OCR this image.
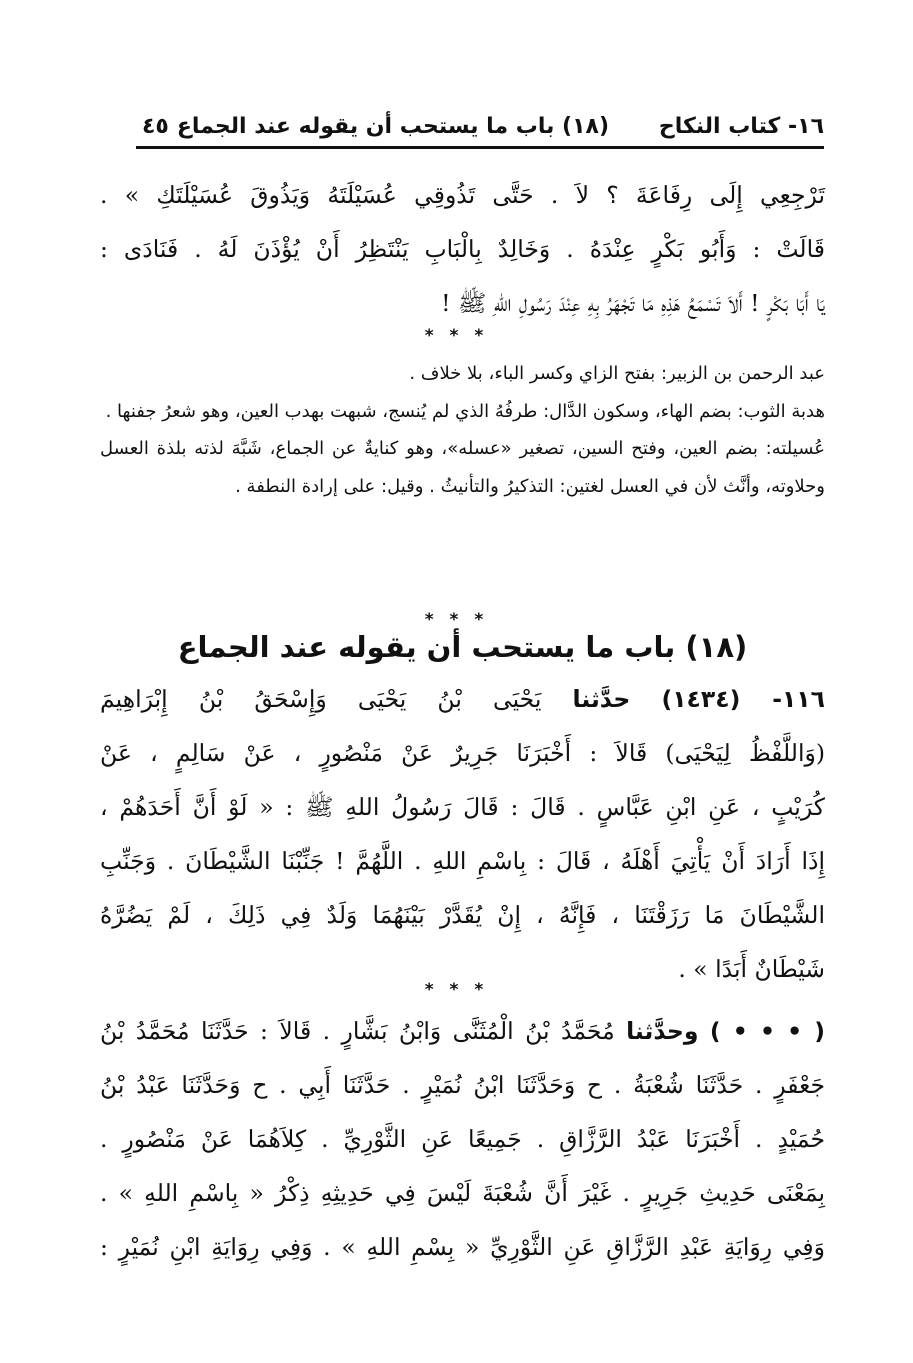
١٦- كتاب النكاح
(١٨) باب ما يستحب أن يقوله عند الجماع
٤٥

تَرْجِعِي إِلَى رِفَاعَةَ ؟ لاَ . حَتَّى تَذُوقِي عُسَيْلَتَهُ وَيَذُوقَ عُسَيْلَتَكِ » .

قَالَتْ : وَأَبُو بَكْرٍ عِنْدَهُ . وَخَالِدٌ بِالْبَابِ يَنْتَظِرُ أَنْ يُؤْذَنَ لَهُ . فَنَادَى :

يَا أَبَا بَكْرٍ ! أَلاَ تَسْمَعُ هَذِهِ مَا تَجْهَرُ بِهِ عِنْدَ رَسُولِ اللهِ ﷺ !

* * *

عبد الرحمن بن الزبير: بفتح الزاي وكسر الباء، بلا خلاف .

هدبة الثوب: بضم الهاء، وسكون الدَّال: طرفُهُ الذي لم يُنسج، شبهت بهدب العين، وهو شعرُ جفنها .

عُسيلته: بضم العين، وفتح السين، تصغير «عسله»، وهو كنايةٌ عن الجماع، شَبَّهَ لذته بلذة العسل وحلاوته، وأنَّث لأن في العسل لغتين: التذكيرُ والتأنيثُ . وقيل: على إرادة النطفة .

* * *
(١٨) باب ما يستحب أن يقوله عند الجماع

١١٦- (١٤٣٤) حدَّثنا يَحْيَى بْنُ يَحْيَى وَإِسْحَقُ بْنُ إِبْرَاهِيمَ

(وَاللَّفْظُ لِيَحْيَى) قَالاَ : أَخْبَرَنَا جَرِيرٌ عَنْ مَنْصُورٍ ، عَنْ سَالِمٍ ، عَنْ

كُرَيْبٍ ، عَنِ ابْنِ عَبَّاسٍ . قَالَ : قَالَ رَسُولُ اللهِ ﷺ : « لَوْ أَنَّ أَحَدَهُمْ ،

إِذَا أَرَادَ أَنْ يَأْتِيَ أَهْلَهُ ، قَالَ : بِاسْمِ اللهِ . اللَّهُمَّ ! جَنِّبْنَا الشَّيْطَانَ . وَجَنِّبِ

الشَّيْطَانَ مَا رَزَقْتَنَا ، فَإِنَّهُ ، إِنْ يُقَدَّرْ بَيْنَهُمَا وَلَدٌ فِي ذَلِكَ ، لَمْ يَضُرَّهُ

شَيْطَانٌ أَبَدًا » .

* * *

( • • • ) وحدَّثنا مُحَمَّدُ بْنُ الْمُثَنَّى وَابْنُ بَشَّارٍ . قَالاَ : حَدَّثَنَا مُحَمَّدُ بْنُ

جَعْفَرٍ . حَدَّثَنَا شُعْبَةُ . ح وَحَدَّثَنَا ابْنُ نُمَيْرٍ . حَدَّثَنَا أَبِي . ح وَحَدَّثَنَا عَبْدُ بْنُ

حُمَيْدٍ . أَخْبَرَنَا عَبْدُ الرَّزَّاقِ . جَمِيعًا عَنِ الثَّوْرِيِّ . كِلاَهُمَا عَنْ مَنْصُورٍ .

بِمَعْنَى حَدِيثِ جَرِيرٍ . غَيْرَ أَنَّ شُعْبَةَ لَيْسَ فِي حَدِيثِهِ ذِكْرُ « بِاسْمِ اللهِ » .

وَفِي رِوَايَةِ عَبْدِ الرَّزَّاقِ عَنِ الثَّوْرِيِّ « بِسْمِ اللهِ » . وَفِي رِوَايَةِ ابْنِ نُمَيْرٍ :
